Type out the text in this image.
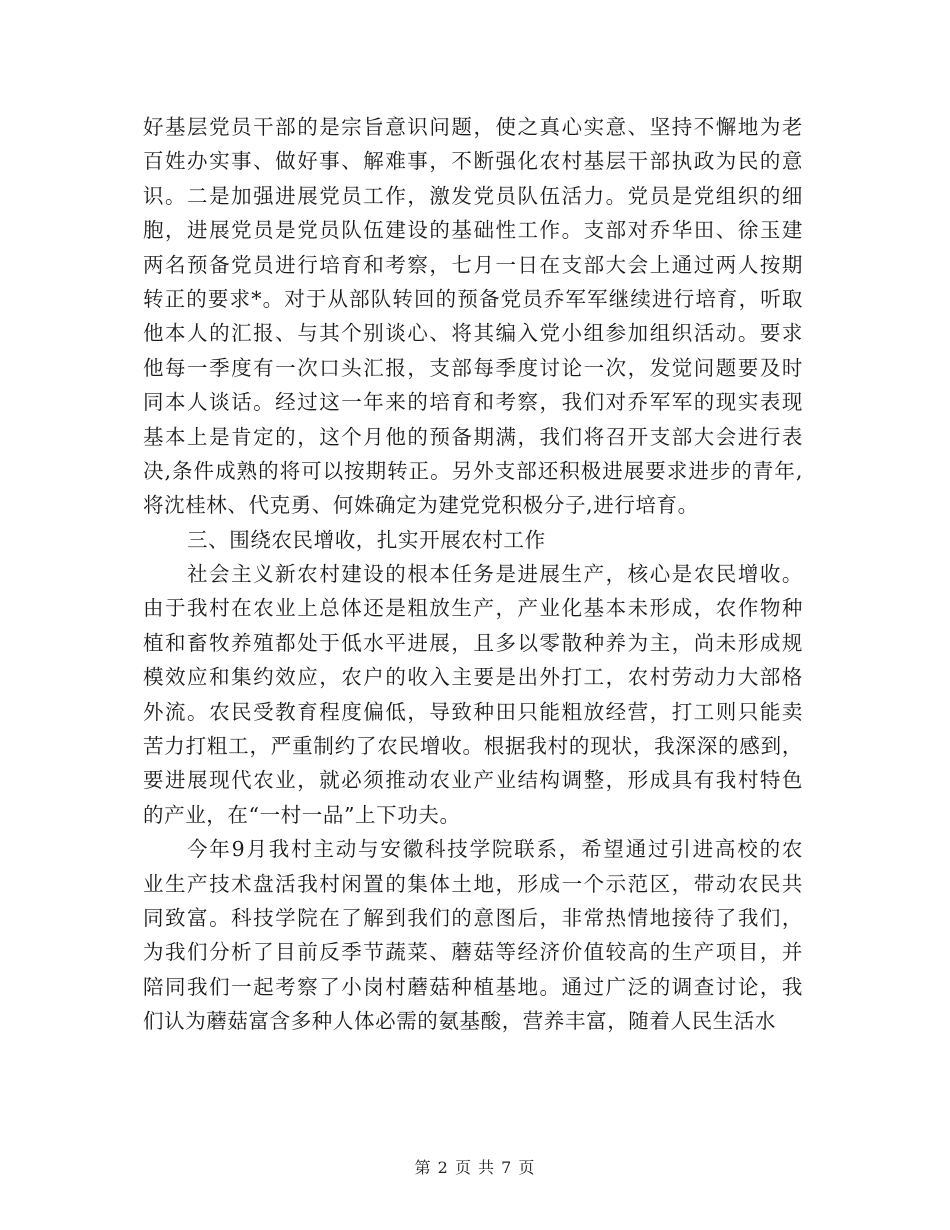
好基层党员干部的是宗旨意识问题，使之真心实意、坚持不懈地为老
百姓办实事、做好事、解难事，不断强化农村基层干部执政为民的意
识。二是加强进展党员工作，激发党员队伍活力。党员是党组织的细
胞，进展党员是党员队伍建设的基础性工作。支部对乔华田、徐玉建
两名预备党员进行培育和考察，七月一日在支部大会上通过两人按期
转正的要求*。对于从部队转回的预备党员乔军军继续进行培育，听取
他本人的汇报、与其个别谈心、将其编入党小组参加组织活动。要求
他每一季度有一次口头汇报，支部每季度讨论一次，发觉问题要及时
同本人谈话。经过这一年来的培育和考察，我们对乔军军的现实表现
基本上是肯定的，这个月他的预备期满，我们将召开支部大会进行表
决,条件成熟的将可以按期转正。另外支部还积极进展要求进步的青年,
将沈桂林、代克勇、何姝确定为建党党积极分子,进行培育。
三、围绕农民增收，扎实开展农村工作
社会主义新农村建设的根本任务是进展生产，核心是农民增收。
由于我村在农业上总体还是粗放生产，产业化基本未形成，农作物种
植和畜牧养殖都处于低水平进展，且多以零散种养为主，尚未形成规
模效应和集约效应，农户的收入主要是出外打工，农村劳动力大部格
外流。农民受教育程度偏低，导致种田只能粗放经营，打工则只能卖
苦力打粗工，严重制约了农民增收。根据我村的现状，我深深的感到，
要进展现代农业，就必须推动农业产业结构调整，形成具有我村特色
的产业，在“一村一品”上下功夫。
今年9月我村主动与安徽科技学院联系，希望通过引进高校的农
业生产技术盘活我村闲置的集体土地，形成一个示范区，带动农民共
同致富。科技学院在了解到我们的意图后，非常热情地接待了我们，
为我们分析了目前反季节蔬菜、蘑菇等经济价值较高的生产项目，并
陪同我们一起考察了小岗村蘑菇种植基地。通过广泛的调查讨论，我
们认为蘑菇富含多种人体必需的氨基酸，营养丰富，随着人民生活水
第 2 页 共 7 页
